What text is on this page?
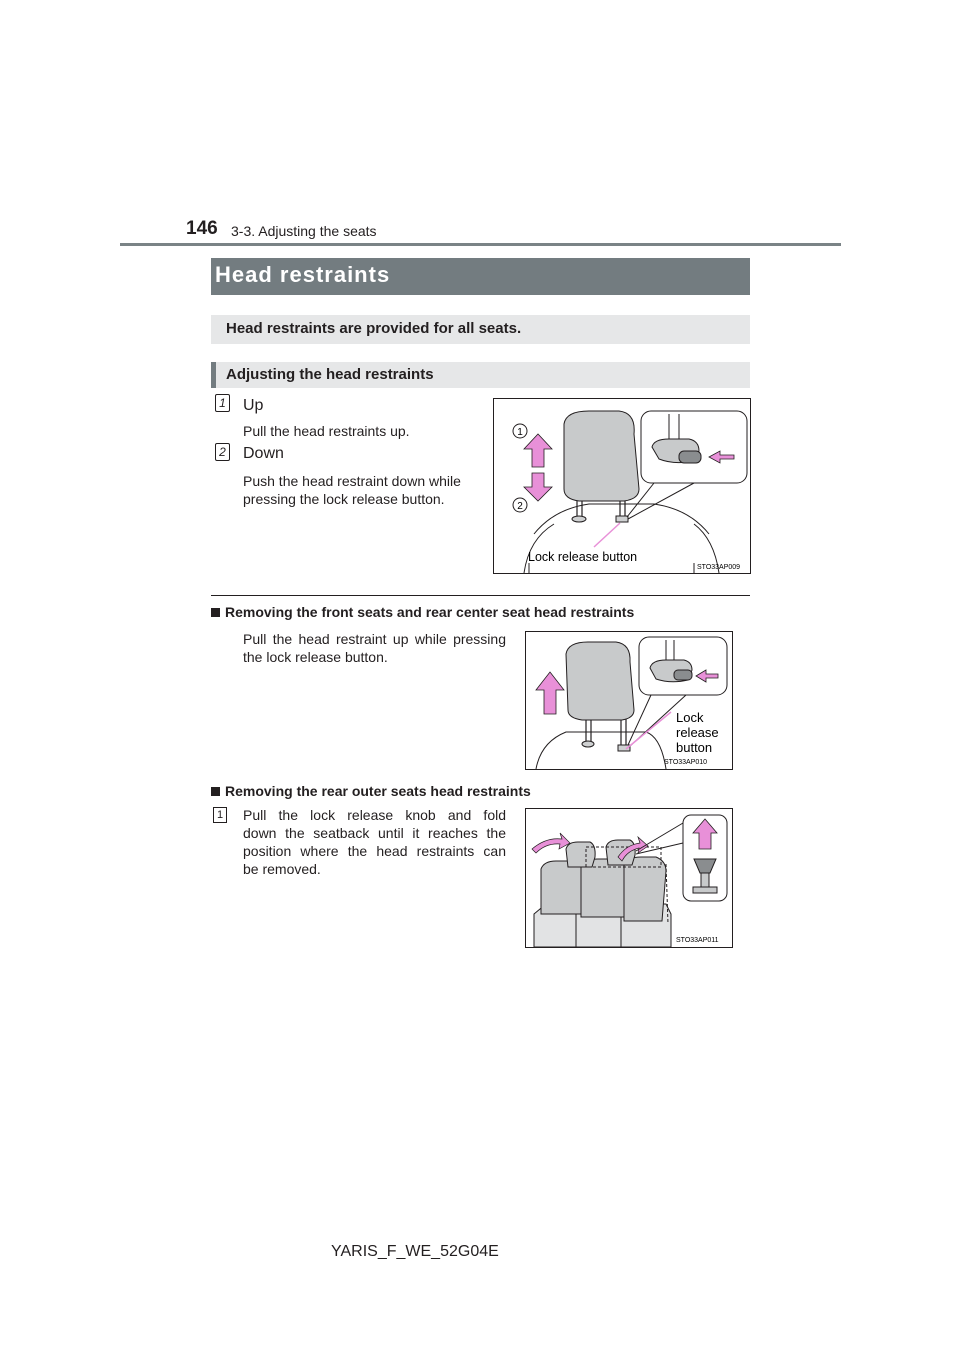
146 3-3. Adjusting the seats
Head restraints
Head restraints are provided for all seats.
Adjusting the head restraints
1 Up
Pull the head restraints up.
2 Down
Push the head restraint down while
pressing the lock release button.
1
2
Lock release button
STO33AP009
Removing the front seats and rear center seat head restraints
Pull the head restraint up while pressing
the lock release button.
Lock
release
button
STO33AP010
Removing the rear outer seats head restraints
1 Pull the lock release knob and fold
down the seatback until it reaches the
position where the head restraints can
be removed.
STO33AP011
YARIS_F_WE_52G04E
